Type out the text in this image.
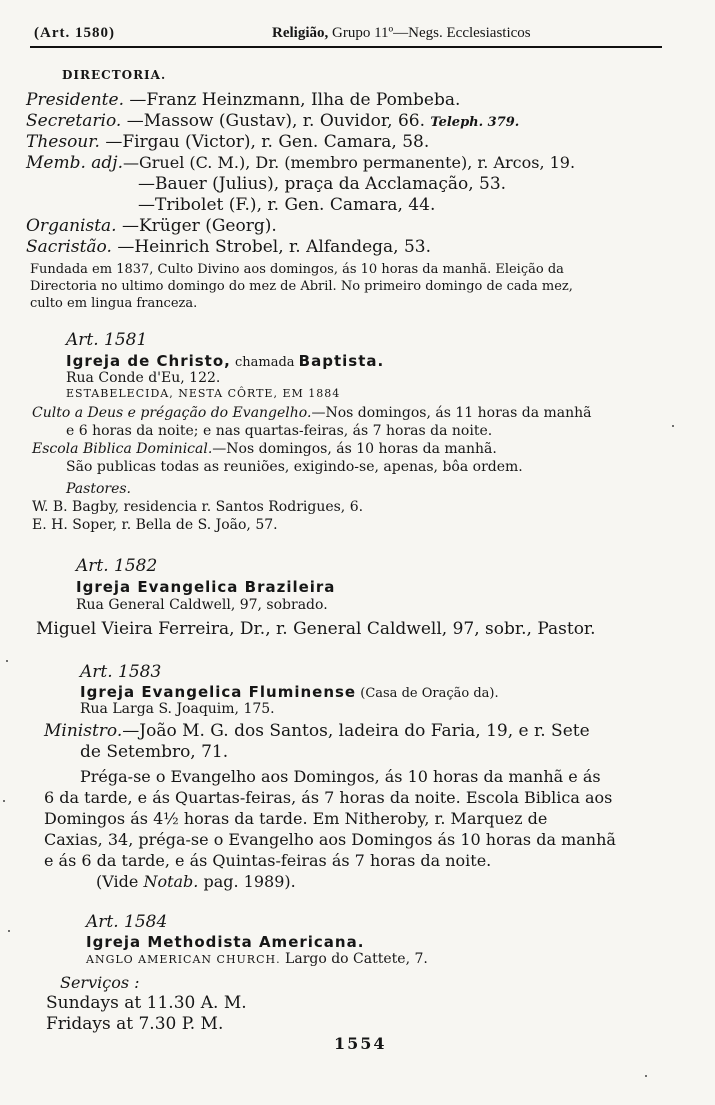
(Art. 1580)	Religião, Grupo 11º—Negs. Ecclesiasticos
DIRECTORIA.
Presidente. —Franz Heinzmann, Ilha de Pombeba.
Secretario. —Massow (Gustav), r. Ouvidor, 66. Teleph. 379.
Thesour. —Firgau (Victor), r. Gen. Camara, 58.
Memb. adj.—Gruel (C. M.), Dr. (membro permanente), r. Arcos, 19.
—Bauer (Julius), praça da Acclamação, 53.
—Tribolet (F.), r. Gen. Camara, 44.
Organista. —Krüger (Georg).
Sacristão. —Heinrich Strobel, r. Alfandega, 53.
Fundada em 1837, Culto Divino aos domingos, ás 10 horas da manhã. Eleição da
Directoria no ultimo domingo do mez de Abril. No primeiro domingo de cada mez,
culto em lingua franceza.
Art. 1581
Igreja de Christo, chamada Baptista.
Rua Conde d'Eu, 122.
ESTABELECIDA, NESTA CÔRTE, EM 1884
Culto a Deus e prégação do Evangelho.—Nos domingos, ás 11 horas da manhã
e 6 horas da noite; e nas quartas-feiras, ás 7 horas da noite.
Escola Biblica Dominical.—Nos domingos, ás 10 horas da manhã.
São publicas todas as reuniões, exigindo-se, apenas, bôa ordem.
Pastores.
W. B. Bagby, residencia r. Santos Rodrigues, 6.
E. H. Soper, r. Bella de S. João, 57.
Art. 1582
Igreja Evangelica Brazileira
Rua General Caldwell, 97, sobrado.
Miguel Vieira Ferreira, Dr., r. General Caldwell, 97, sobr., Pastor.
Art. 1583
Igreja Evangelica Fluminense (Casa de Oração da).
Rua Larga S. Joaquim, 175.
Ministro.—João M. G. dos Santos, ladeira do Faria, 19, e r. Sete
de Setembro, 71.
Préga-se o Evangelho aos Domingos, ás 10 horas da manhã e ás
6 da tarde, e ás Quartas-feiras, ás 7 horas da noite. Escola Biblica aos
Domingos ás 4½ horas da tarde. Em Nitheroby, r. Marquez de
Caxias, 34, préga-se o Evangelho aos Domingos ás 10 horas da manhã
e ás 6 da tarde, e ás Quintas-feiras ás 7 horas da noite.
(Vide Notab. pag. 1989).
Art. 1584
Igreja Methodista Americana.
ANGLO AMERICAN CHURCH. Largo do Cattete, 7.
Serviços :
Sundays at 11.30 A. M.
Fridays at 7.30 P. M.
1554
